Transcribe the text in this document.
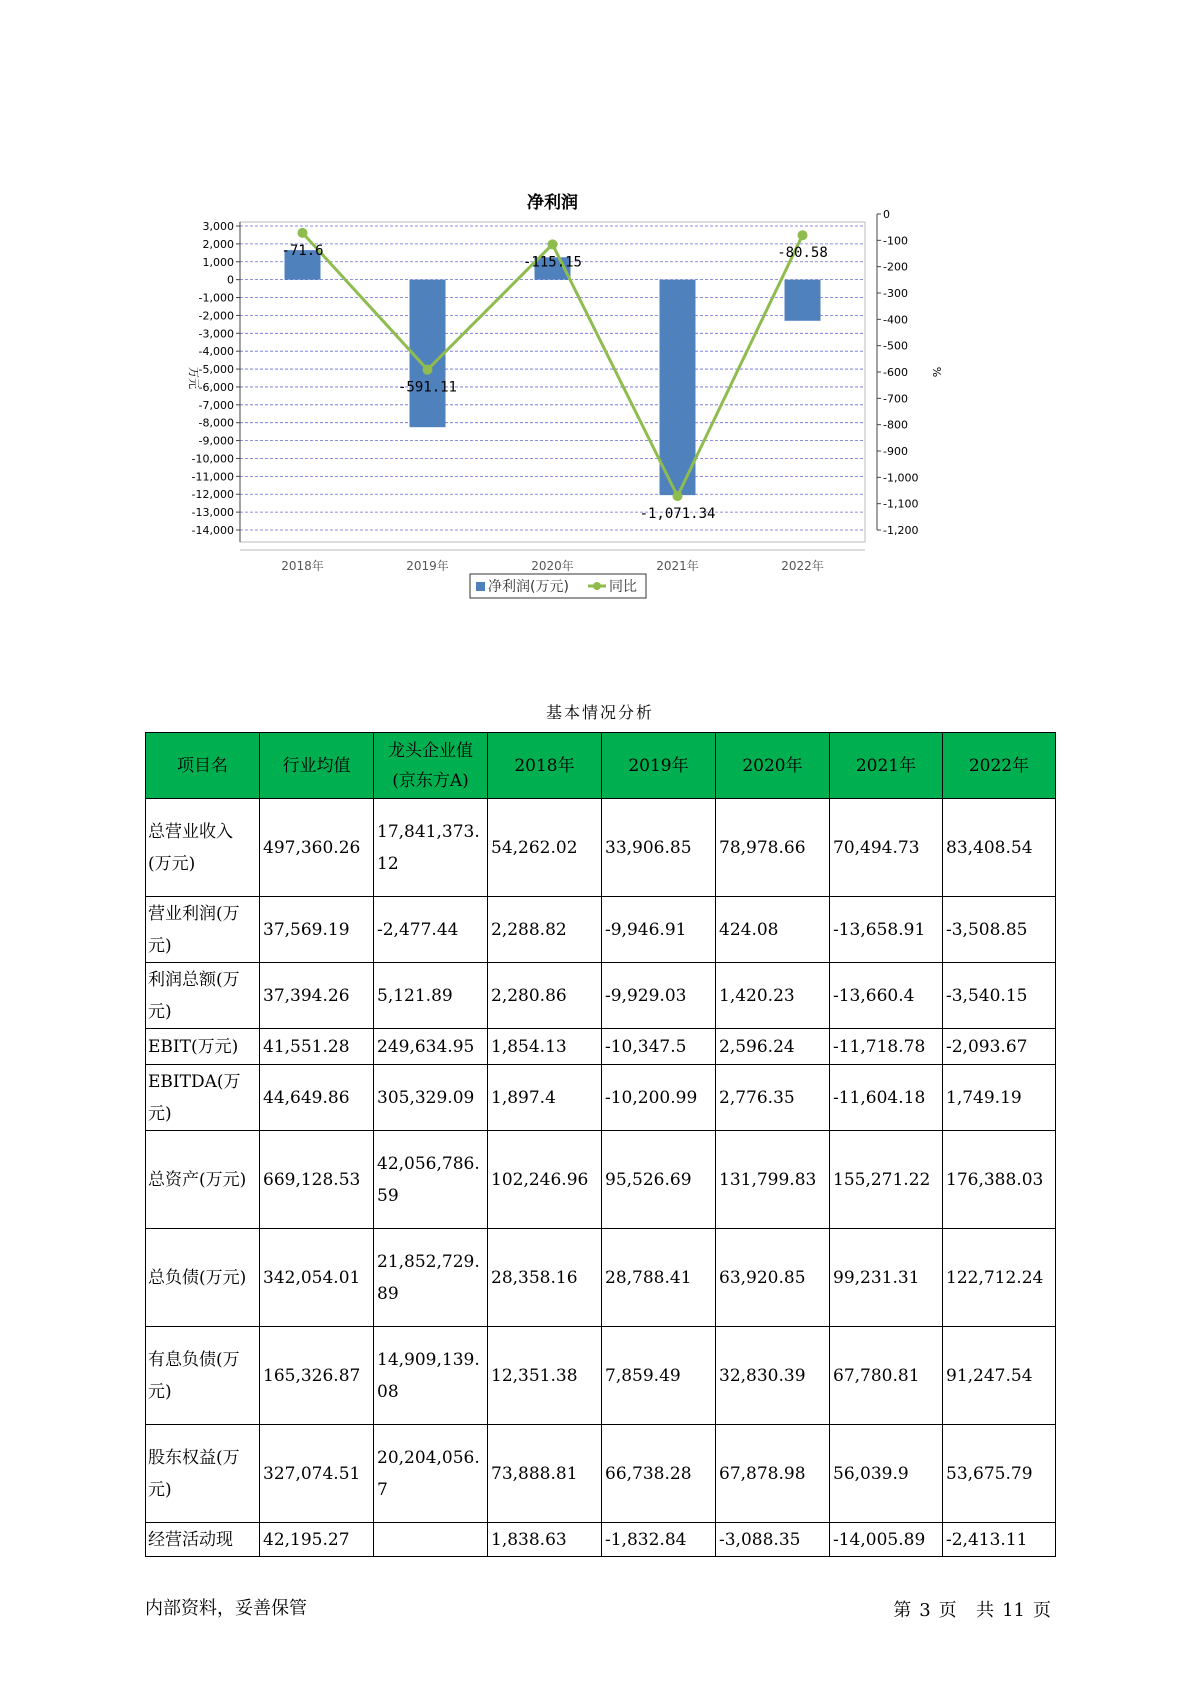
净利润
3,000
2,000
1,000
0
-1,000
-2,000
-3,000
-4,000
-5,000
-6,000
-7,000
-8,000
-9,000
-10,000
-11,000
-12,000
-13,000
-14,000
0
-100
-200
-300
-400
-500
-600
-700
-800
-900
-1,000
-1,100
-1,200
万元	%
2018年	2019年	2020年	2021年	2022年
-71.6
-591.11
-115.15
-1,071.34
-80.58
净利润(万元)	同比
基本情况分析
项目名	行业均值	龙头企业值(京东方A)	2018年	2019年	2020年	2021年	2022年
总营业收入(万元)	497,360.26	17,841,373.12	54,262.02	33,906.85	78,978.66	70,494.73	83,408.54
营业利润(万元)	37,569.19	-2,477.44	2,288.82	-9,946.91	424.08	-13,658.91	-3,508.85
利润总额(万元)	37,394.26	5,121.89	2,280.86	-9,929.03	1,420.23	-13,660.4	-3,540.15
EBIT(万元)	41,551.28	249,634.95	1,854.13	-10,347.5	2,596.24	-11,718.78	-2,093.67
EBITDA(万元)	44,649.86	305,329.09	1,897.4	-10,200.99	2,776.35	-11,604.18	1,749.19
总资产(万元)	669,128.53	42,056,786.59	102,246.96	95,526.69	131,799.83	155,271.22	176,388.03
总负债(万元)	342,054.01	21,852,729.89	28,358.16	28,788.41	63,920.85	99,231.31	122,712.24
有息负债(万元)	165,326.87	14,909,139.08	12,351.38	7,859.49	32,830.39	67,780.81	91,247.54
股东权益(万元)	327,074.51	20,204,056.7	73,888.81	66,738.28	67,878.98	56,039.9	53,675.79
经营活动现	42,195.27		1,838.63	-1,832.84	-3,088.35	-14,005.89	-2,413.11
内部资料，妥善保管	第 3 页 共 11 页
